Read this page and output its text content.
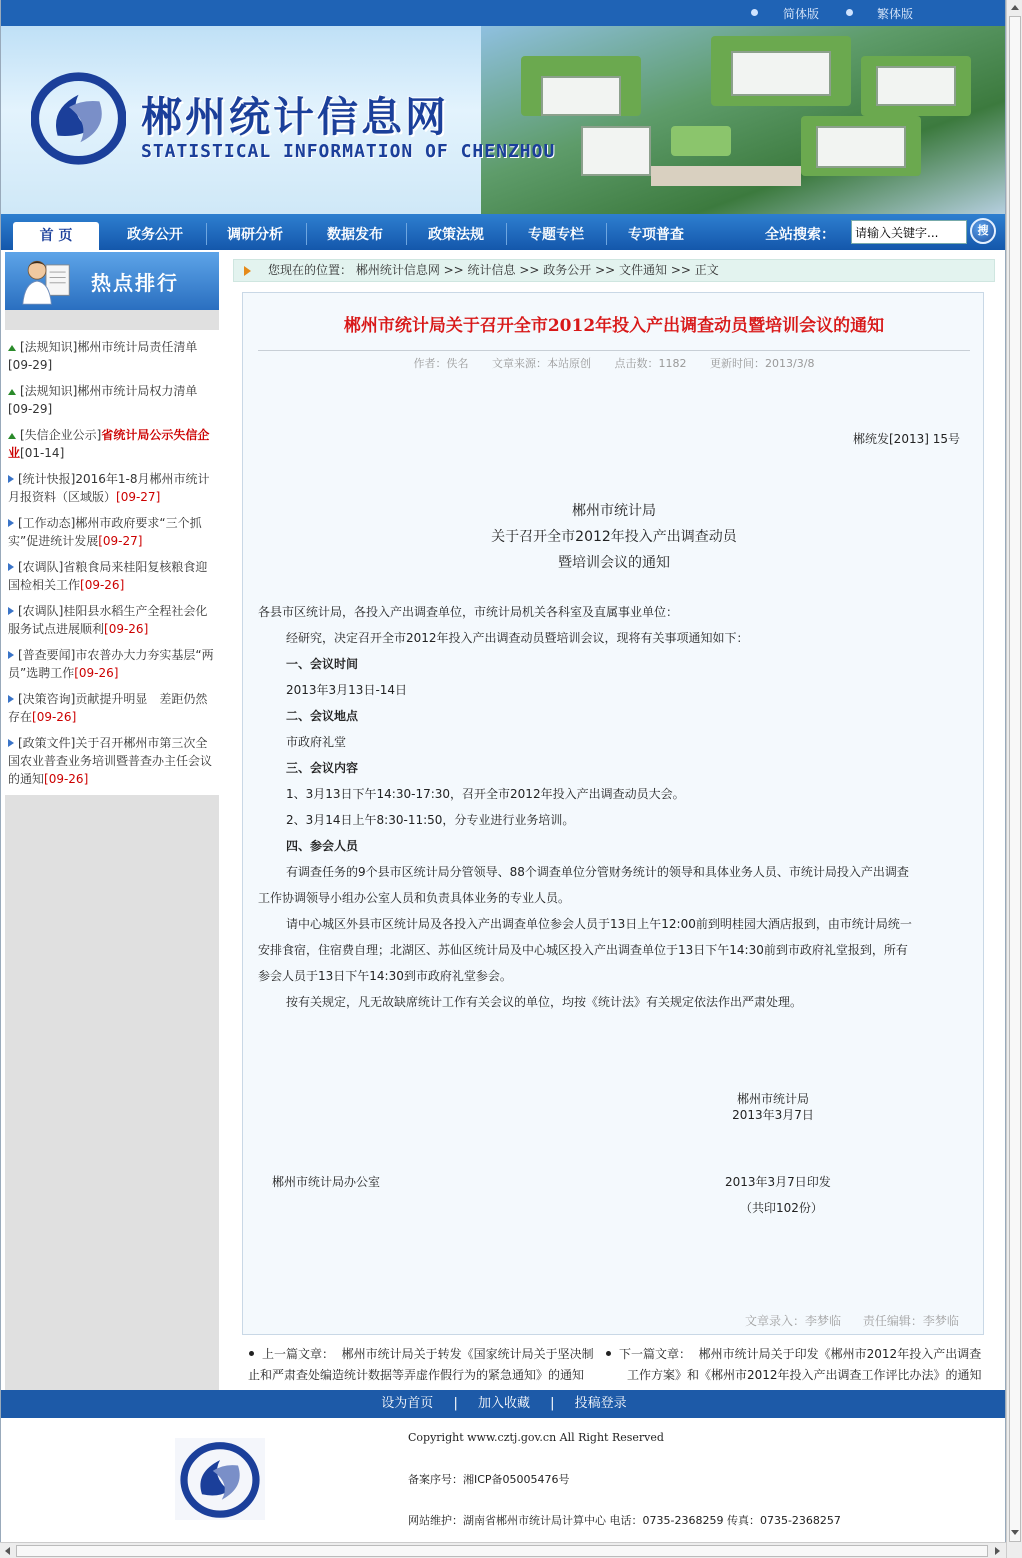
简体版	繁体版
郴州统计信息网
STATISTICAL INFORMATION OF CHENZHOU
首 页	政务公开	调研分析	数据发布	政策法规	专题专栏	专项普查	全站搜索：
请输入关键字...	搜
热点排行
[法规知识]郴州市统计局责任清单
[09-29]
[法规知识]郴州市统计局权力清单
[09-29]
[失信企业公示]省统计局公示失信企业[01-14]
[统计快报]2016年1-8月郴州市统计月报资料（区域版）[09-27]
[工作动态]郴州市政府要求“三个抓实”促进统计发展[09-27]
[农调队]省粮食局来桂阳复核粮食迎国检相关工作[09-26]
[农调队]桂阳县水稻生产全程社会化服务试点进展顺利[09-26]
[普查要闻]市农普办大力夯实基层“两员”选聘工作[09-26]
[决策咨询]贡献提升明显　差距仍然存在[09-26]
[政策文件]关于召开郴州市第三次全国农业普查业务培训暨普查办主任会议的通知[09-26]
您现在的位置： 郴州统计信息网 >> 统计信息 >> 政务公开 >> 文件通知 >> 正文
郴州市统计局关于召开全市2012年投入产出调查动员暨培训会议的通知
作者：佚名 文章来源：本站原创 点击数：1182 更新时间：2013/3/8
郴统发[2013] 15号
郴州市统计局
关于召开全市2012年投入产出调查动员
暨培训会议的通知
各县市区统计局，各投入产出调查单位，市统计局机关各科室及直属事业单位：
经研究，决定召开全市2012年投入产出调查动员暨培训会议，现将有关事项通知如下：
一、会议时间
2013年3月13日-14日
二、会议地点
市政府礼堂
三、会议内容
1、3月13日下午14:30-17:30，召开全市2012年投入产出调查动员大会。
2、3月14日上午8:30-11:50，分专业进行业务培训。
四、参会人员
有调查任务的9个县市区统计局分管领导、88个调查单位分管财务统计的领导和具体业务人员、市统计局投入产出调查
工作协调领导小组办公室人员和负责具体业务的专业人员。
请中心城区外县市区统计局及各投入产出调查单位参会人员于13日上午12:00前到明桂园大酒店报到，由市统计局统一
安排食宿，住宿费自理；北湖区、苏仙区统计局及中心城区投入产出调查单位于13日下午14:30前到市政府礼堂报到，所有
参会人员于13日下午14:30到市政府礼堂参会。
按有关规定，凡无故缺席统计工作有关会议的单位，均按《统计法》有关规定依法作出严肃处理。
郴州市统计局
2013年3月7日
郴州市统计局办公室	2013年3月7日印发
（共印102份）
文章录入：李梦临 责任编辑：李梦临
上一篇文章： 郴州市统计局关于转发《国家统计局关于坚决制
止和严肃查处编造统计数据等弄虚作假行为的紧急通知》的通知
下一篇文章： 郴州市统计局关于印发《郴州市2012年投入产出调查
工作方案》和《郴州市2012年投入产出调查工作评比办法》的通知
设为首页 | 加入收藏 | 投稿登录
Copyright www.cztj.gov.cn All Right Reserved
备案序号：湘ICP备05005476号
网站维护：湖南省郴州市统计局计算中心 电话：0735-2368259 传真：0735-2368257
